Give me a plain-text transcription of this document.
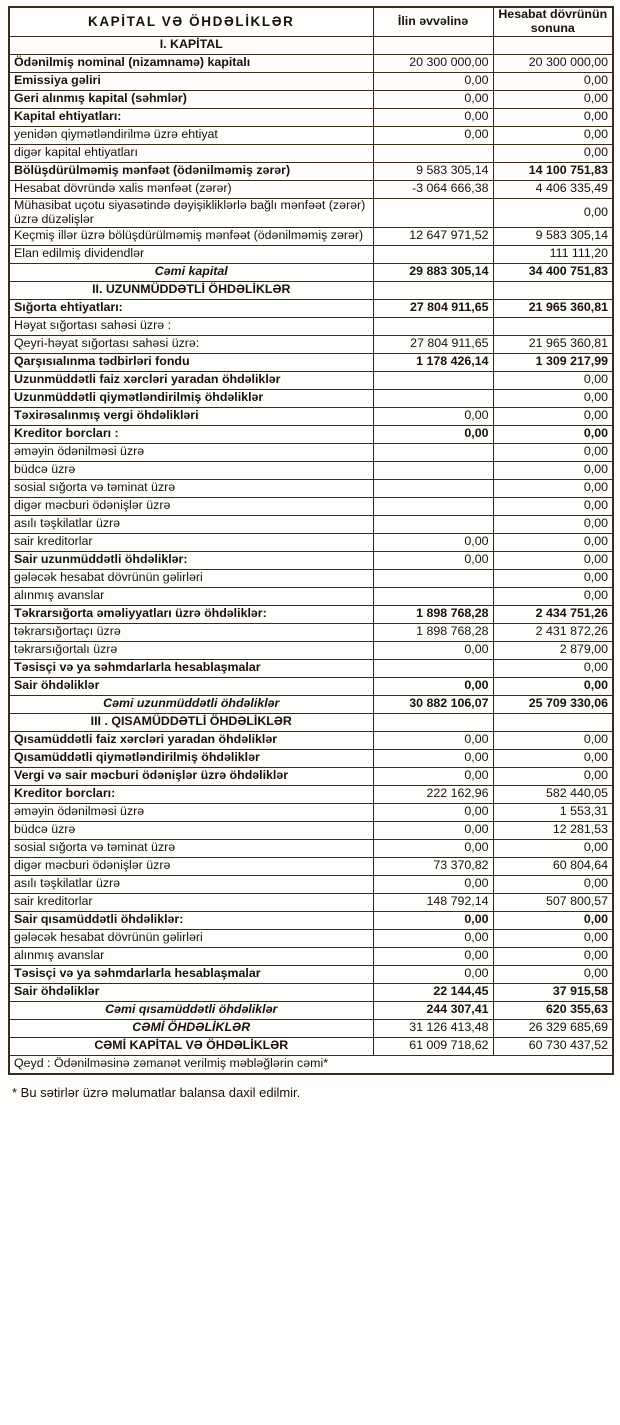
KAPİTAL VƏ ÖHDƏLİKLƏR	İlin əvvəlinə	Hesabat dövrünün sonuna
I. KAPİTAL		
Ödənilmiş nominal (nizamnamə) kapitalı	20 300 000,00	20 300 000,00
Emissiya gəliri	0,00	0,00
Geri alınmış kapital (səhmlər)	0,00	0,00
Kapital ehtiyatları:	0,00	0,00
yenidən qiymətləndirilmə üzrə ehtiyat	0,00	0,00
digər kapital ehtiyatları		0,00
Bölüşdürülməmiş mənfəət (ödənilməmiş zərər)	9 583 305,14	14 100 751,83
Hesabat dövründə xalis mənfəət (zərər)	-3 064 666,38	4 406 335,49
Mühasibat uçotu siyasətində dəyişikliklərlə bağlı mənfəət (zərər) üzrə düzəlişlər		0,00
Keçmiş illər üzrə bölüşdürülməmiş mənfəət (ödənilməmiş zərər)	12 647 971,52	9 583 305,14
Elan edilmiş dividendlər		111 111,20
Cəmi kapital	29 883 305,14	34 400 751,83
II. UZUNMÜDDƏTLİ ÖHDƏLİKLƏR		
Sığorta ehtiyatları:	27 804 911,65	21 965 360,81
Həyat sığortası sahəsi üzrə :		
Qeyri-həyat sığortası sahəsi üzrə:	27 804 911,65	21 965 360,81
Qarşısıalınma tədbirləri fondu	1 178 426,14	1 309 217,99
Uzunmüddətli faiz xərcləri yaradan öhdəliklər		0,00
Uzunmüddətli qiymətləndirilmiş öhdəliklər		0,00
Təxirəsalınmış vergi öhdəlikləri	0,00	0,00
Kreditor borcları :	0,00	0,00
əməyin ödənilməsi üzrə		0,00
büdcə üzrə		0,00
sosial sığorta və təminat üzrə		0,00
digər məcburi ödənişlər üzrə		0,00
asılı təşkilatlar üzrə		0,00
sair kreditorlar	0,00	0,00
Sair uzunmüddətli öhdəliklər:	0,00	0,00
gələcək hesabat dövrünün gəlirləri		0,00
alınmış avanslar		0,00
Təkrarsığorta əməliyyatları üzrə öhdəliklər:	1 898 768,28	2 434 751,26
təkrarsığortaçı üzrə	1 898 768,28	2 431 872,26
təkrarsığortalı üzrə	0,00	2 879,00
Təsisçi və ya səhmdarlarla hesablaşmalar		0,00
Sair öhdəliklər	0,00	0,00
Cəmi uzunmüddətli öhdəliklər	30 882 106,07	25 709 330,06
III . QISAMÜDDƏTLİ ÖHDƏLİKLƏR		
Qısamüddətli faiz xərcləri yaradan öhdəliklər	0,00	0,00
Qısamüddətli qiymətləndirilmiş öhdəliklər	0,00	0,00
Vergi və sair məcburi ödənişlər üzrə öhdəliklər	0,00	0,00
Kreditor borcları:	222 162,96	582 440,05
əməyin ödənilməsi üzrə	0,00	1 553,31
büdcə üzrə	0,00	12 281,53
sosial sığorta və təminat üzrə	0,00	0,00
digər məcburi ödənişlər üzrə	73 370,82	60 804,64
asılı təşkilatlar üzrə	0,00	0,00
sair kreditorlar	148 792,14	507 800,57
Sair qısamüddətli öhdəliklər:	0,00	0,00
gələcək hesabat dövrünün gəlirləri	0,00	0,00
alınmış avanslar	0,00	0,00
Təsisçi və ya səhmdarlarla hesablaşmalar	0,00	0,00
Sair öhdəliklər	22 144,45	37 915,58
Cəmi qısamüddətli öhdəliklər	244 307,41	620 355,63
CƏMİ ÖHDƏLİKLƏR	31 126 413,48	26 329 685,69
CƏMİ KAPİTAL VƏ ÖHDƏLİKLƏR	61 009 718,62	60 730 437,52
Qeyd : Ödənilməsinə zəmanət verilmiş məbləğlərin cəmi*		
* Bu sətirlər üzrə məlumatlar balansa daxil edilmir.
